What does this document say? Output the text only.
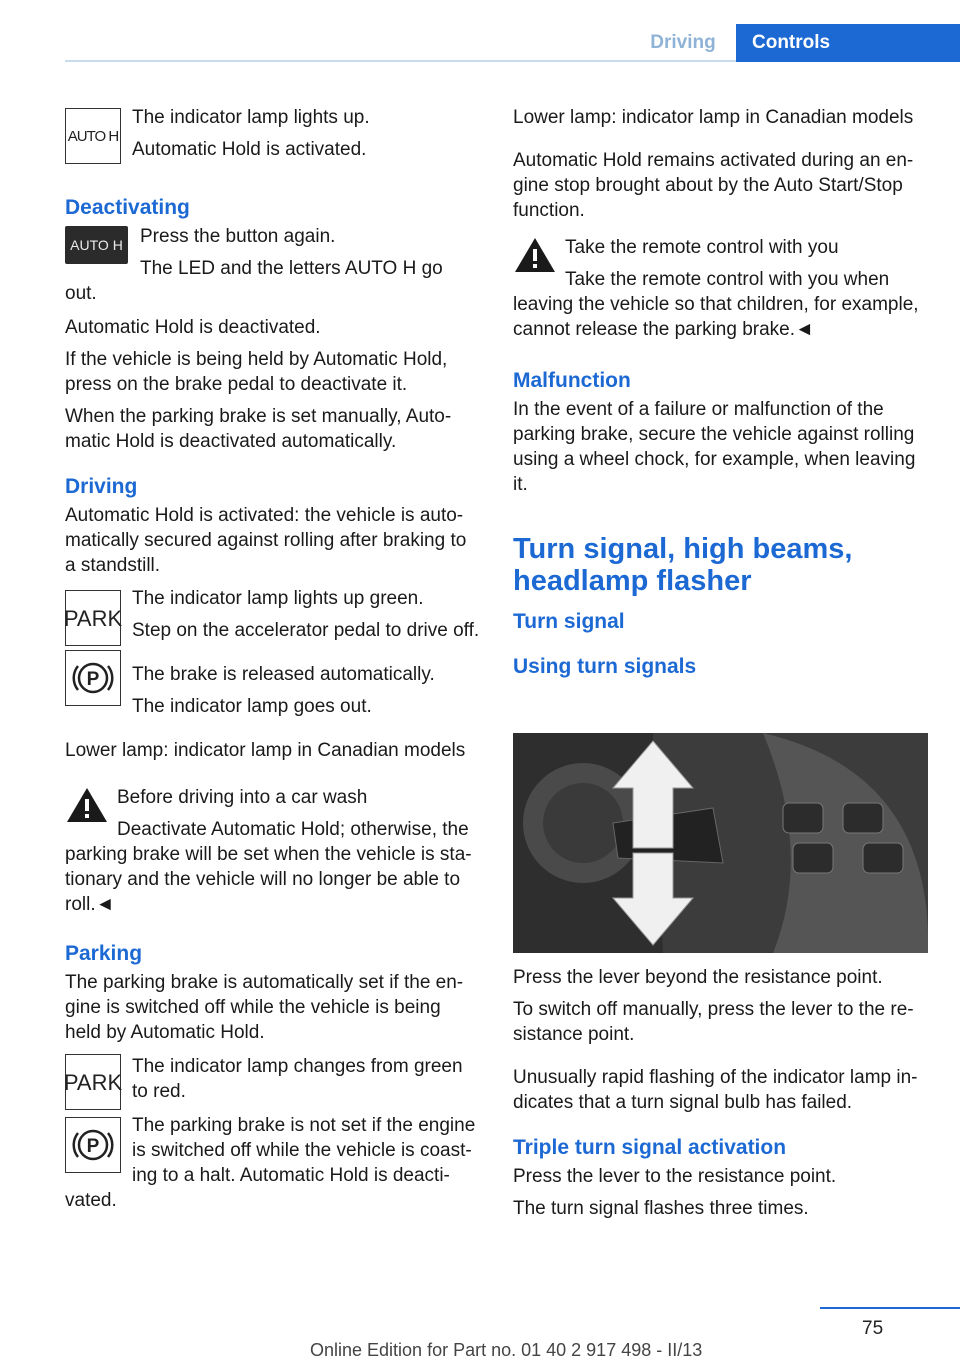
Driving	Controls
AUTO H

The indicator lamp lights up.

Automatic Hold is activated.

Deactivating
AUTO H Press the button again.

The LED and the letters AUTO H go

out.

Automatic Hold is deactivated.

If the vehicle is being held by Automatic Hold, press on the brake pedal to deactivate it.

When the parking brake is set manually, Auto-matic Hold is deactivated automatically.

Driving

Automatic Hold is activated: the vehicle is auto-matically secured against rolling after braking to a standstill.

PARK

The indicator lamp lights up green.

Step on the accelerator pedal to drive off.

P The brake is released automatically.

The indicator lamp goes out.

Lower lamp: indicator lamp in Canadian models

Before driving into a car wash

Deactivate Automatic Hold; otherwise, the

parking brake will be set when the vehicle is sta-tionary and the vehicle will no longer be able to roll.◄

Parking

The parking brake is automatically set if the en-gine is switched off while the vehicle is being held by Automatic Hold.

PARK

The indicator lamp changes from green to red.

P

The parking brake is not set if the engine is switched off while the vehicle is coast-ing to a halt. Automatic Hold is deacti-

vated.

Lower lamp: indicator lamp in Canadian models

Automatic Hold remains activated during an en-gine stop brought about by the Auto Start/Stop function.

Take the remote control with you

Take the remote control with you when

leaving the vehicle so that children, for example, cannot release the parking brake.◄

Malfunction

In the event of a failure or malfunction of the parking brake, secure the vehicle against rolling using a wheel chock, for example, when leaving it.

Turn signal, high beams, headlamp flasher
Turn signal
Using turn signals

Press the lever beyond the resistance point.

To switch off manually, press the lever to the re-sistance point.

Unusually rapid flashing of the indicator lamp in-dicates that a turn signal bulb has failed.

Triple turn signal activation

Press the lever to the resistance point.

The turn signal flashes three times.

75
Online Edition for Part no. 01 40 2 917 498 - II/13
